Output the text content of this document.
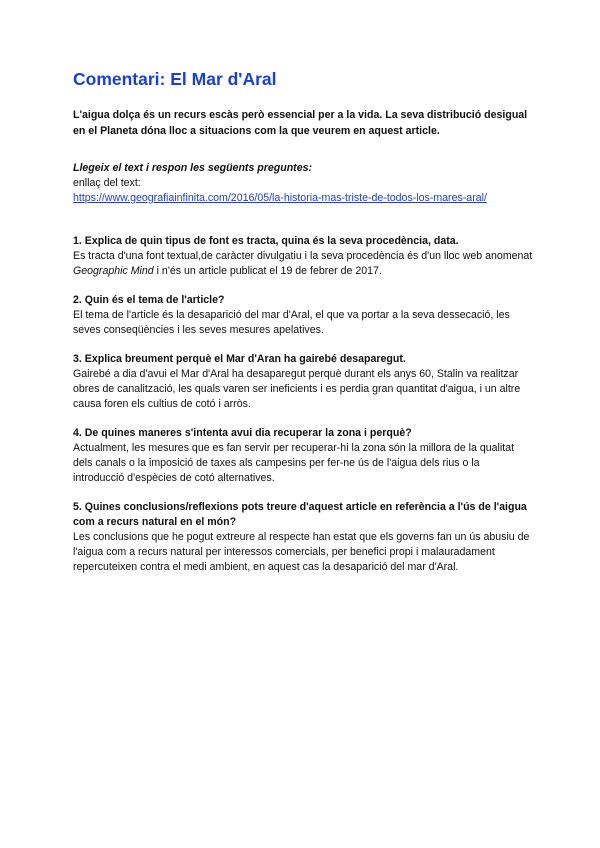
Comentari: El Mar d'Aral

L'aigua dolça és un recurs escàs però essencial per a la vida. La seva distribució desigual en el Planeta dóna lloc a situacions com la que veurem en aquest article.

Llegeix el text i respon les següents preguntes:
enllaç del text:
https://www.geografiainfinita.com/2016/05/la-historia-mas-triste-de-todos-los-mares-aral/
1. Explica de quin tipus de font es tracta, quina és la seva procedència, data.
Es tracta d'una font textual,de caràcter divulgatiu i la seva procedència és d'un lloc web anomenat Geographic Mind i n'és un article publicat el 19 de febrer de 2017.
2. Quin és el tema de l'article?
El tema de l'article és la desaparició del mar d'Aral, el que va portar a la seva dessecació, les seves conseqüències i les seves mesures apelatives.
3. Explica breument perquè el Mar d'Aran ha gairebé desaparegut.
Gairebé a dia d'avui el Mar d'Aral ha desaparegut perquè durant els anys 60, Stalin va realitzar obres de canalització, les quals varen ser ineficients i es perdia gran quantitat d'aigua, i un altre causa foren els cultius de cotó i arròs.
4. De quines maneres s'intenta avui dia recuperar la zona i perquè?
Actualment, les mesures que es fan servir per recuperar-hi la zona són la millora de la qualitat dels canals o la imposició de taxes als campesins per fer-ne ús de l'aigua dels rius o la introducció d'espècies de cotó alternatives.
5. Quines conclusions/reflexions pots treure d'aquest article en referència a l'ús de l'aigua com a recurs natural en el món?
Les conclusions que he pogut extreure al respecte han estat que els governs fan un ús abusiu de l'aigua com a recurs natural per interessos comercials, per benefici propi i malauradament repercuteixen contra el medi ambient, en aquest cas la desaparició del mar d'Aral.
